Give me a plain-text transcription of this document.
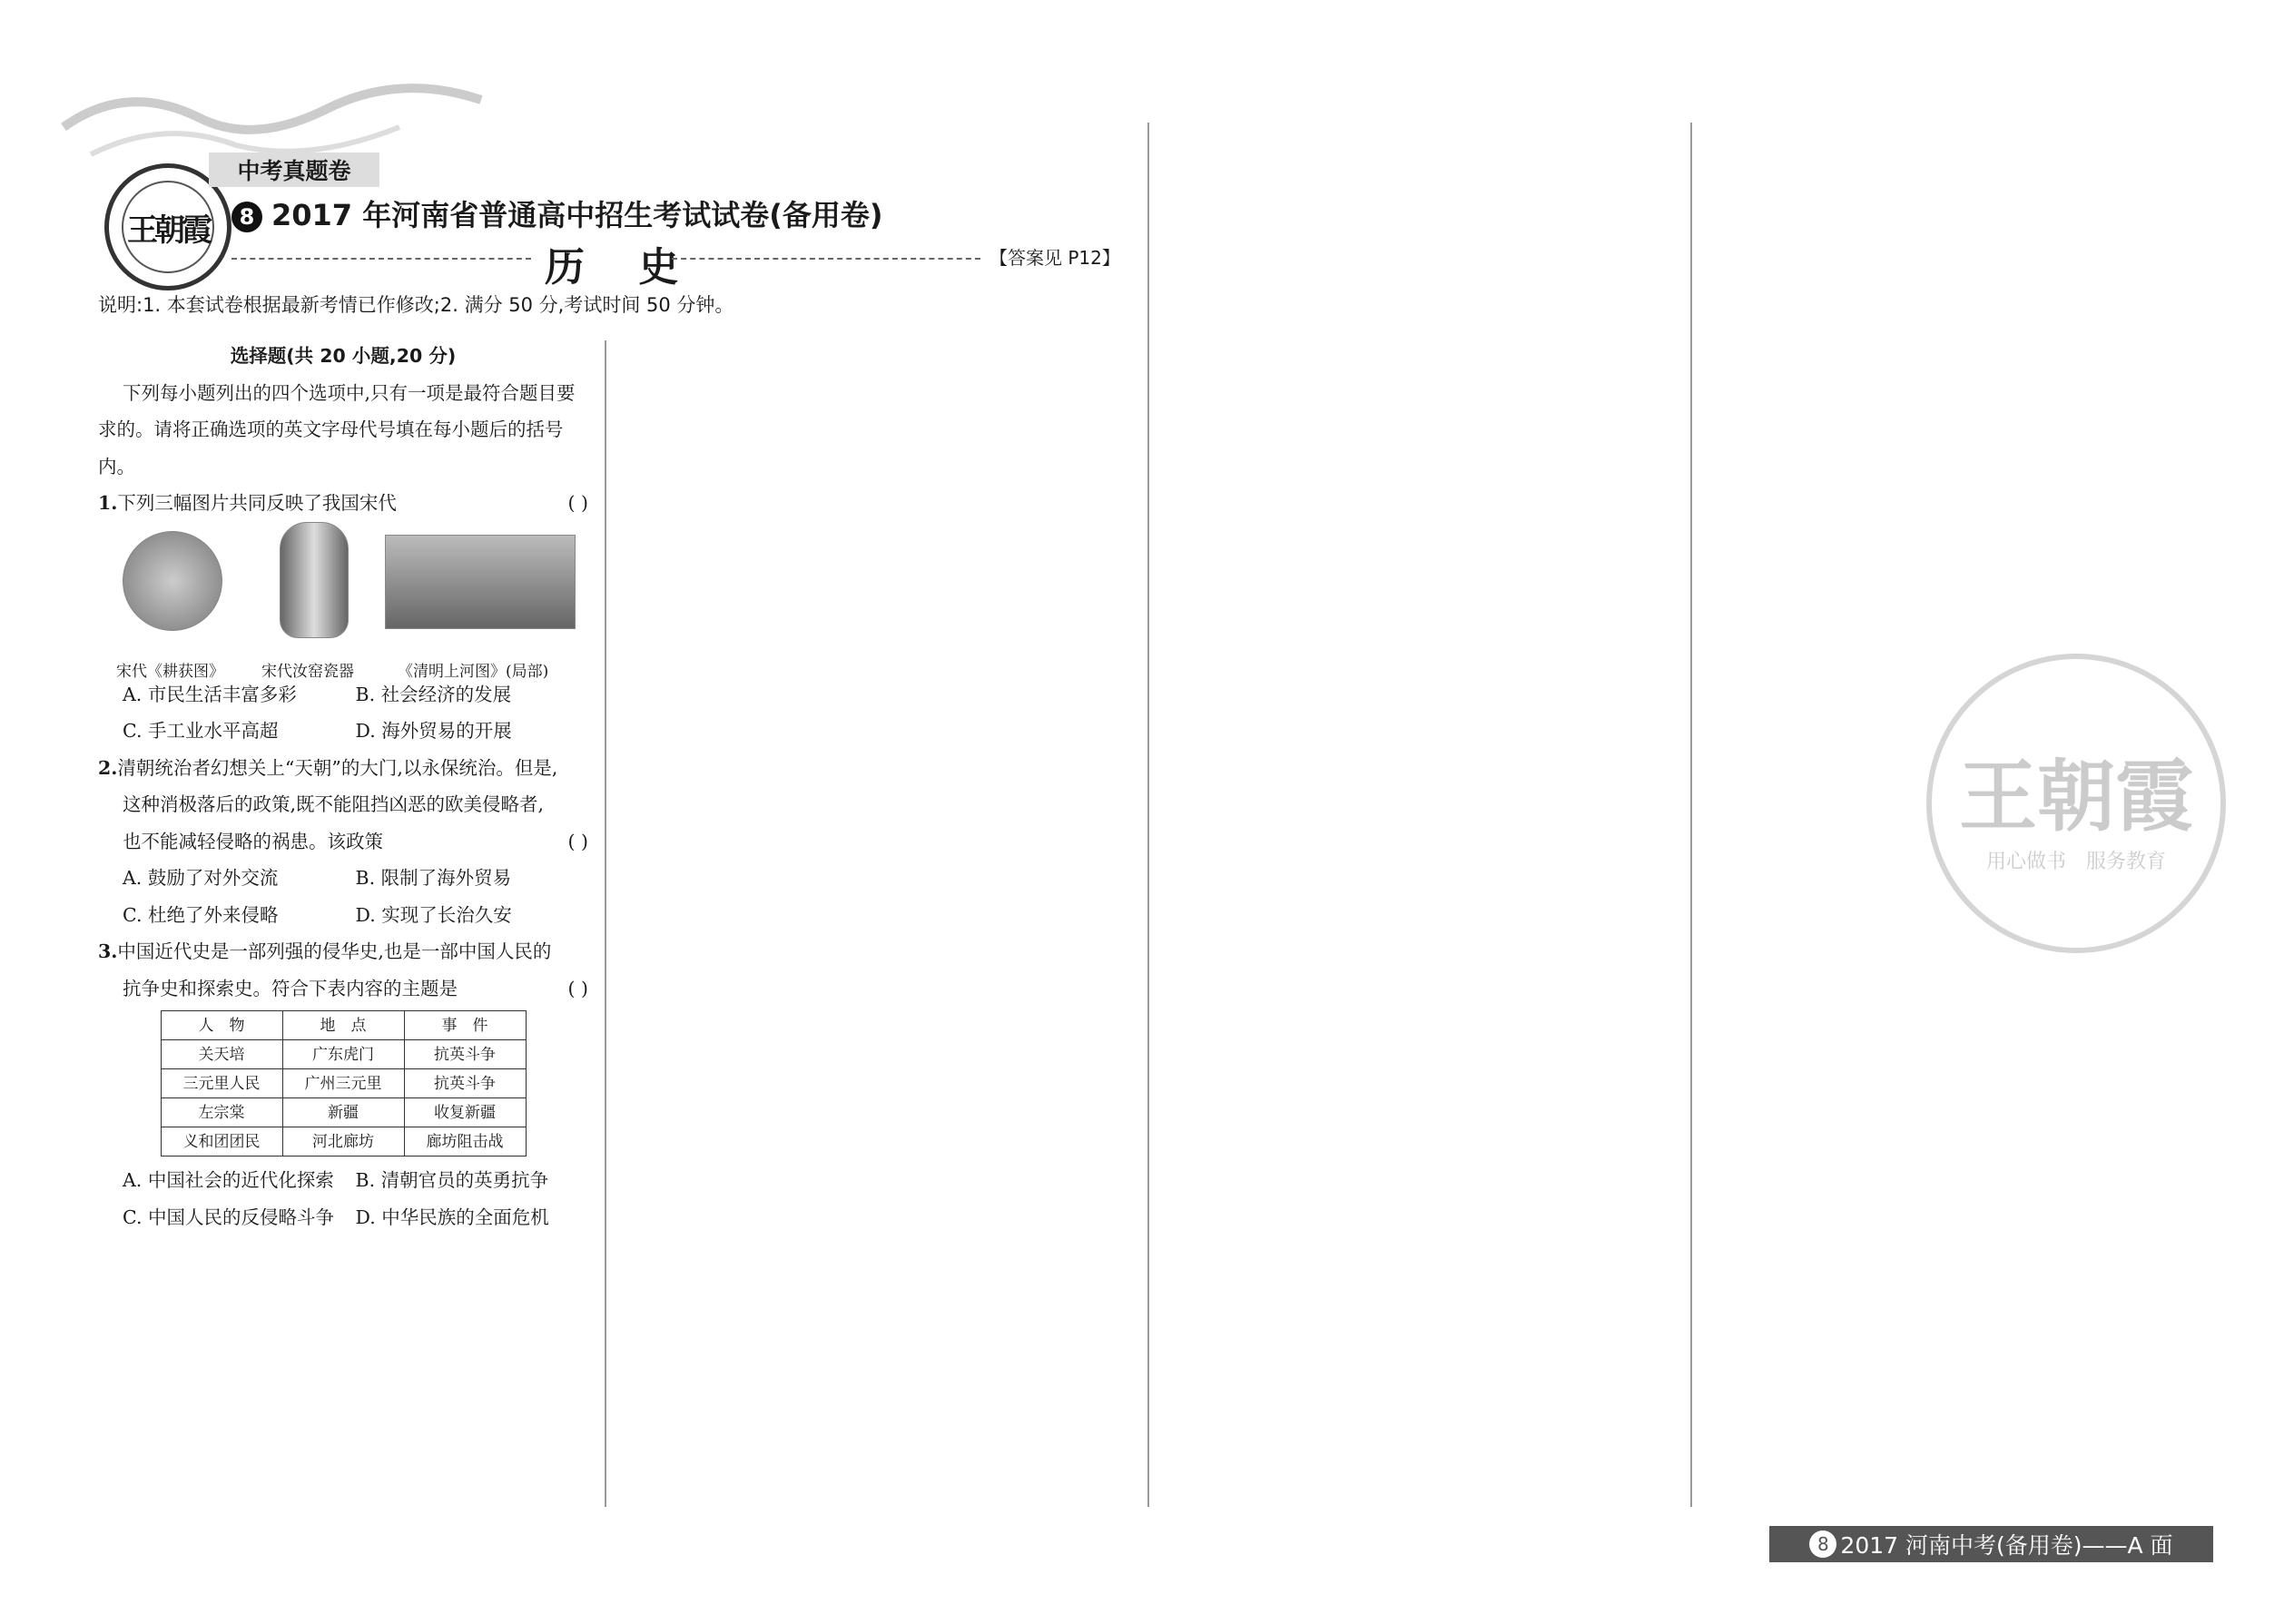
王朝霞
中考真题卷
8 2017 年河南省普通高中招生考试试卷(备用卷)
历 史	【答案见 P12】
说明:1. 本套试卷根据最新考情已作修改;2. 满分 50 分,考试时间 50 分钟。
王朝霞
用心做书　服务教育
选择题(共 20 小题,20 分)
下列每小题列出的四个选项中,只有一项是最符合题目要求的。请将正确选项的英文字母代号填在每小题后的括号内。
1.下列三幅图片共同反映了我国宋代	( )
宋代《耕获图》 宋代汝窑瓷器	《清明上河图》(局部)
A. 市民生活丰富多彩	B. 社会经济的发展
C. 手工业水平高超	D. 海外贸易的开展
2.清朝统治者幻想关上“天朝”的大门,以永保统治。但是,
这种消极落后的政策,既不能阻挡凶恶的欧美侵略者,
也不能减轻侵略的祸患。该政策	( )
A. 鼓励了对外交流	B. 限制了海外贸易
C. 杜绝了外来侵略	D. 实现了长治久安
3.中国近代史是一部列强的侵华史,也是一部中国人民的
抗争史和探索史。符合下表内容的主题是	( )
人　物	地　点	事　件
关天培	广东虎门	抗英斗争
三元里人民	广州三元里	抗英斗争
左宗棠	新疆	收复新疆
义和团团民	河北廊坊	廊坊阻击战
A. 中国社会的近代化探索	B. 清朝官员的英勇抗争
C. 中国人民的反侵略斗争	D. 中华民族的全面危机
8 2017 河南中考(备用卷)——A 面
